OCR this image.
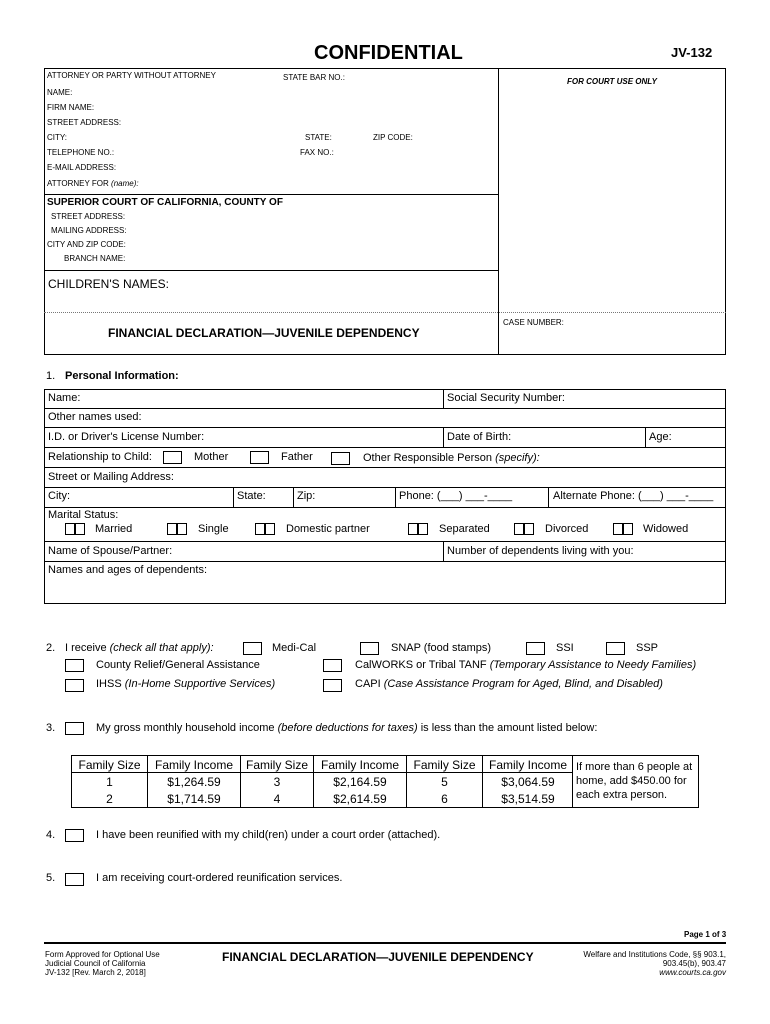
CONFIDENTIAL	JV-132
ATTORNEY OR PARTY WITHOUT ATTORNEY	STATE BAR NO.:
NAME:
FIRM NAME:
STREET ADDRESS:
CITY:	STATE:	ZIP CODE:
TELEPHONE NO.:	FAX NO.:
E-MAIL ADDRESS:
ATTORNEY FOR (name):
FOR COURT USE ONLY
SUPERIOR COURT OF CALIFORNIA, COUNTY OF
STREET ADDRESS:
MAILING ADDRESS:
CITY AND ZIP CODE:
BRANCH NAME:
CHILDREN'S NAMES:
CASE NUMBER:
FINANCIAL DECLARATION—JUVENILE DEPENDENCY
1. Personal Information:
Name:	Social Security Number:
Other names used:
I.D. or Driver's License Number:	Date of Birth:	Age:
Relationship to Child:	Mother	Father	Other Responsible Person (specify):
Street or Mailing Address:
City:	State:	Zip:	Phone: (___) ___-____	Alternate Phone: (___) ___-____
Marital Status:
Married	Single	Domestic partner	Separated	Divorced	Widowed
Name of Spouse/Partner:	Number of dependents living with you:
Names and ages of dependents:
2. I receive (check all that apply):	Medi-Cal	SNAP (food stamps)	SSI	SSP
County Relief/General Assistance	CalWORKS or Tribal TANF (Temporary Assistance to Needy Families)
IHSS (In-Home Supportive Services)	CAPI (Case Assistance Program for Aged, Blind, and Disabled)
3.	My gross monthly household income (before deductions for taxes) is less than the amount listed below:
Family Size	Family Income	Family Size	Family Income	Family Size	Family Income
1	$1,264.59	3	$2,164.59	5	$3,064.59
2	$1,714.59	4	$2,614.59	6	$3,514.59
If more than 6 people at
home, add $450.00 for
each extra person.
4.	I have been reunified with my child(ren) under a court order (attached).
5.	I am receiving court-ordered reunification services.
Page 1 of 3
Form Approved for Optional Use
Judicial Council of California
JV-132 [Rev. March 2, 2018]
FINANCIAL DECLARATION—JUVENILE DEPENDENCY	Welfare and Institutions Code, §§ 903.1,
903.45(b), 903.47
www.courts.ca.gov
